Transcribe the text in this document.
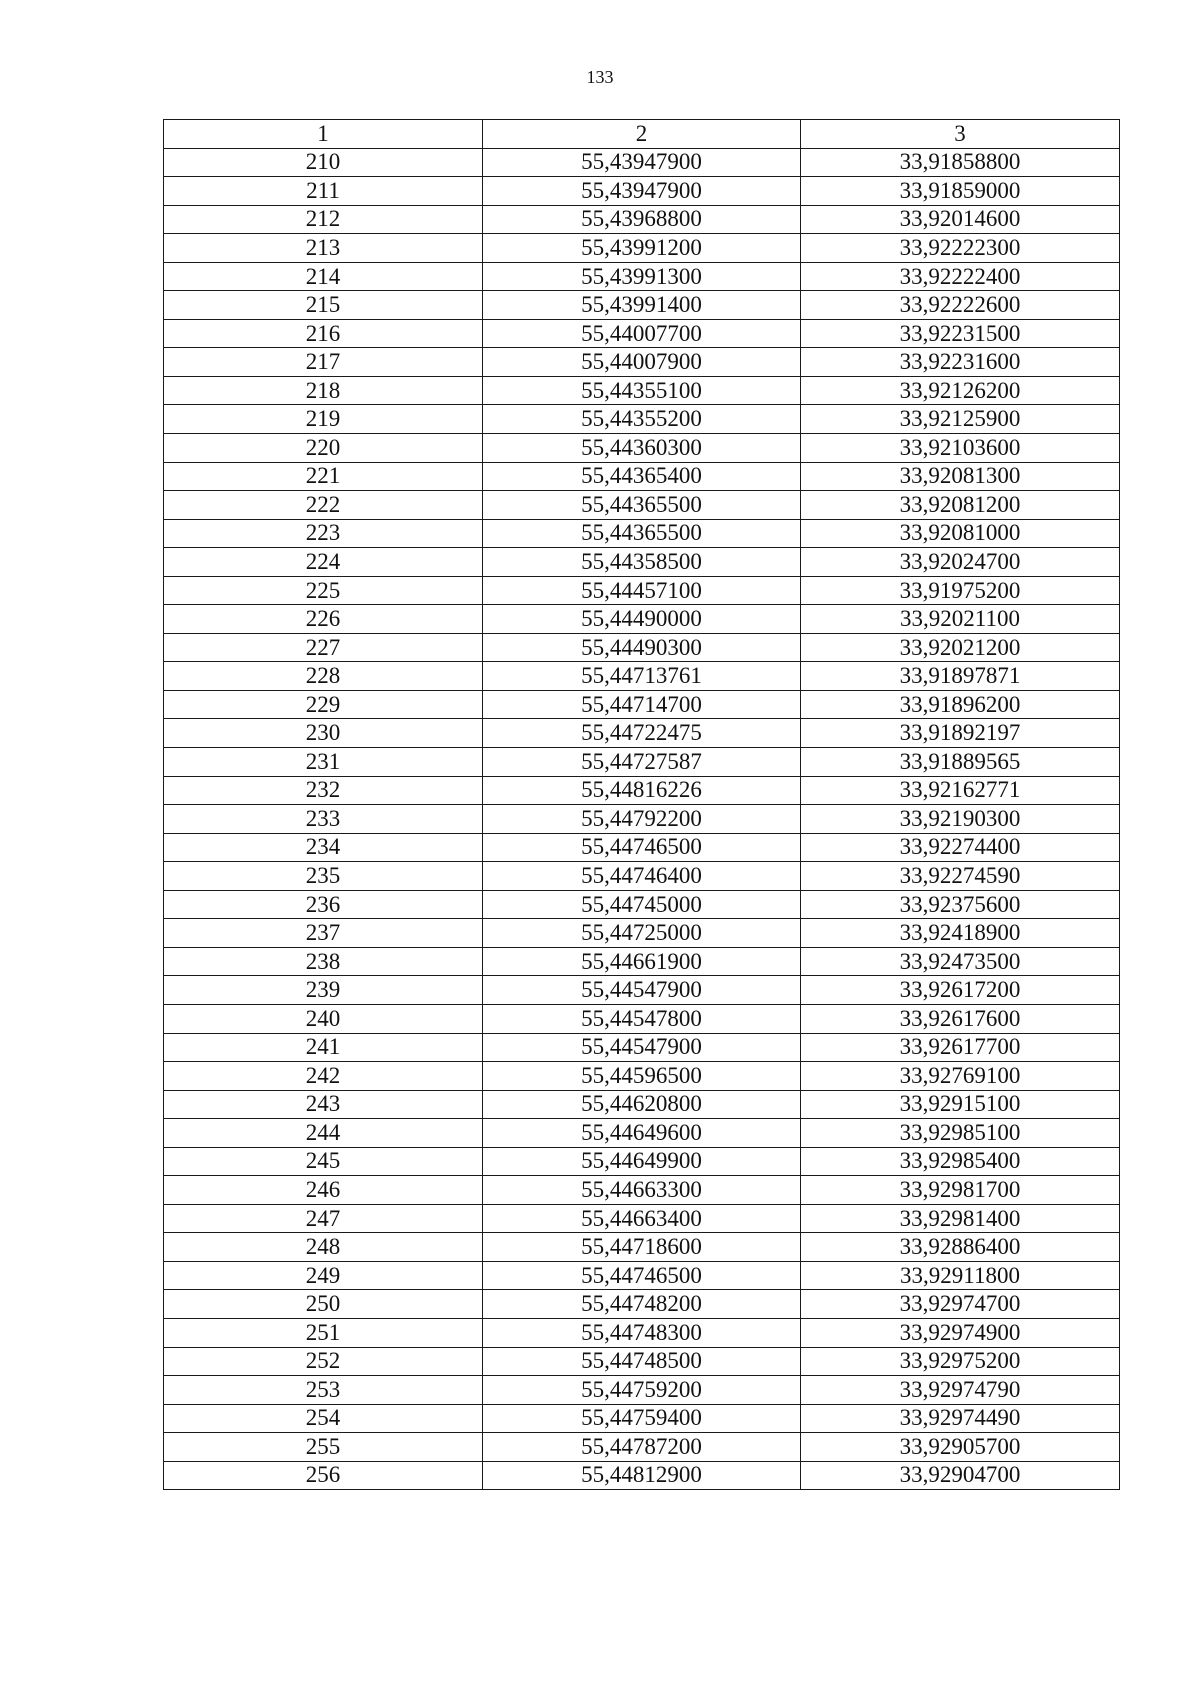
133
1	2	3
210	55,43947900	33,91858800
211	55,43947900	33,91859000
212	55,43968800	33,92014600
213	55,43991200	33,92222300
214	55,43991300	33,92222400
215	55,43991400	33,92222600
216	55,44007700	33,92231500
217	55,44007900	33,92231600
218	55,44355100	33,92126200
219	55,44355200	33,92125900
220	55,44360300	33,92103600
221	55,44365400	33,92081300
222	55,44365500	33,92081200
223	55,44365500	33,92081000
224	55,44358500	33,92024700
225	55,44457100	33,91975200
226	55,44490000	33,92021100
227	55,44490300	33,92021200
228	55,44713761	33,91897871
229	55,44714700	33,91896200
230	55,44722475	33,91892197
231	55,44727587	33,91889565
232	55,44816226	33,92162771
233	55,44792200	33,92190300
234	55,44746500	33,92274400
235	55,44746400	33,92274590
236	55,44745000	33,92375600
237	55,44725000	33,92418900
238	55,44661900	33,92473500
239	55,44547900	33,92617200
240	55,44547800	33,92617600
241	55,44547900	33,92617700
242	55,44596500	33,92769100
243	55,44620800	33,92915100
244	55,44649600	33,92985100
245	55,44649900	33,92985400
246	55,44663300	33,92981700
247	55,44663400	33,92981400
248	55,44718600	33,92886400
249	55,44746500	33,92911800
250	55,44748200	33,92974700
251	55,44748300	33,92974900
252	55,44748500	33,92975200
253	55,44759200	33,92974790
254	55,44759400	33,92974490
255	55,44787200	33,92905700
256	55,44812900	33,92904700
